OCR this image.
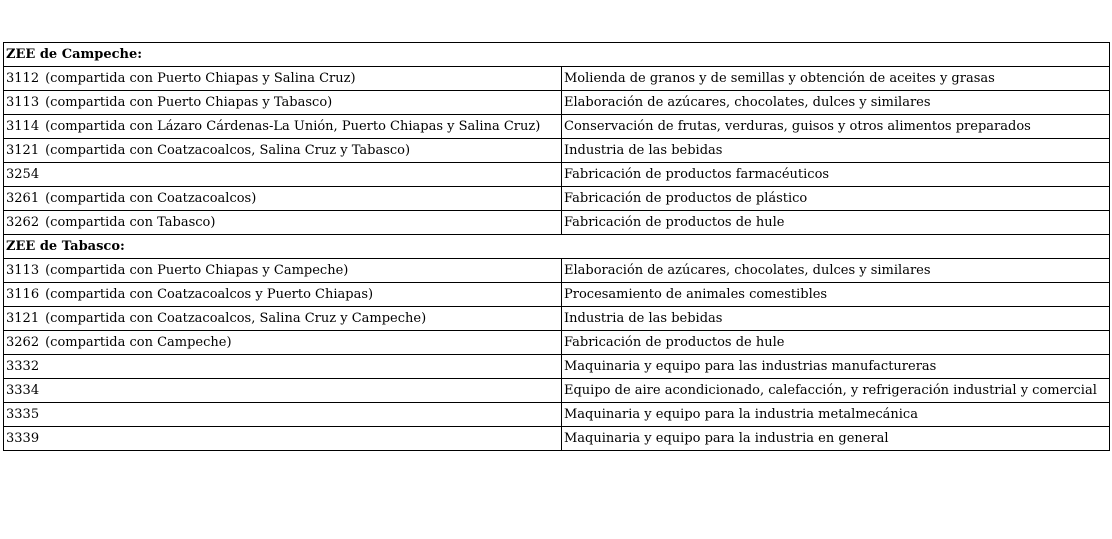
ZEE de Campeche:	
3112 (compartida con Puerto Chiapas y Salina Cruz)	Molienda de granos y de semillas y obtención de aceites y grasas
3113 (compartida con Puerto Chiapas y Tabasco)	Elaboración de azúcares, chocolates, dulces y similares
3114 (compartida con Lázaro Cárdenas-La Unión, Puerto Chiapas y Salina Cruz)	Conservación de frutas, verduras, guisos y otros alimentos preparados
3121 (compartida con Coatzacoalcos, Salina Cruz y Tabasco)	Industria de las bebidas
3254	Fabricación de productos farmacéuticos
3261 (compartida con Coatzacoalcos)	Fabricación de productos de plástico
3262 (compartida con Tabasco)	Fabricación de productos de hule
ZEE de Tabasco:	
3113 (compartida con Puerto Chiapas y Campeche)	Elaboración de azúcares, chocolates, dulces y similares
3116 (compartida con Coatzacoalcos y Puerto Chiapas)	Procesamiento de animales comestibles
3121 (compartida con Coatzacoalcos, Salina Cruz y Campeche)	Industria de las bebidas
3262 (compartida con Campeche)	Fabricación de productos de hule
3332	Maquinaria y equipo para las industrias manufactureras
3334	Equipo de aire acondicionado, calefacción, y refrigeración industrial y comercial
3335	Maquinaria y equipo para la industria metalmecánica
3339	Maquinaria y equipo para la industria en general
